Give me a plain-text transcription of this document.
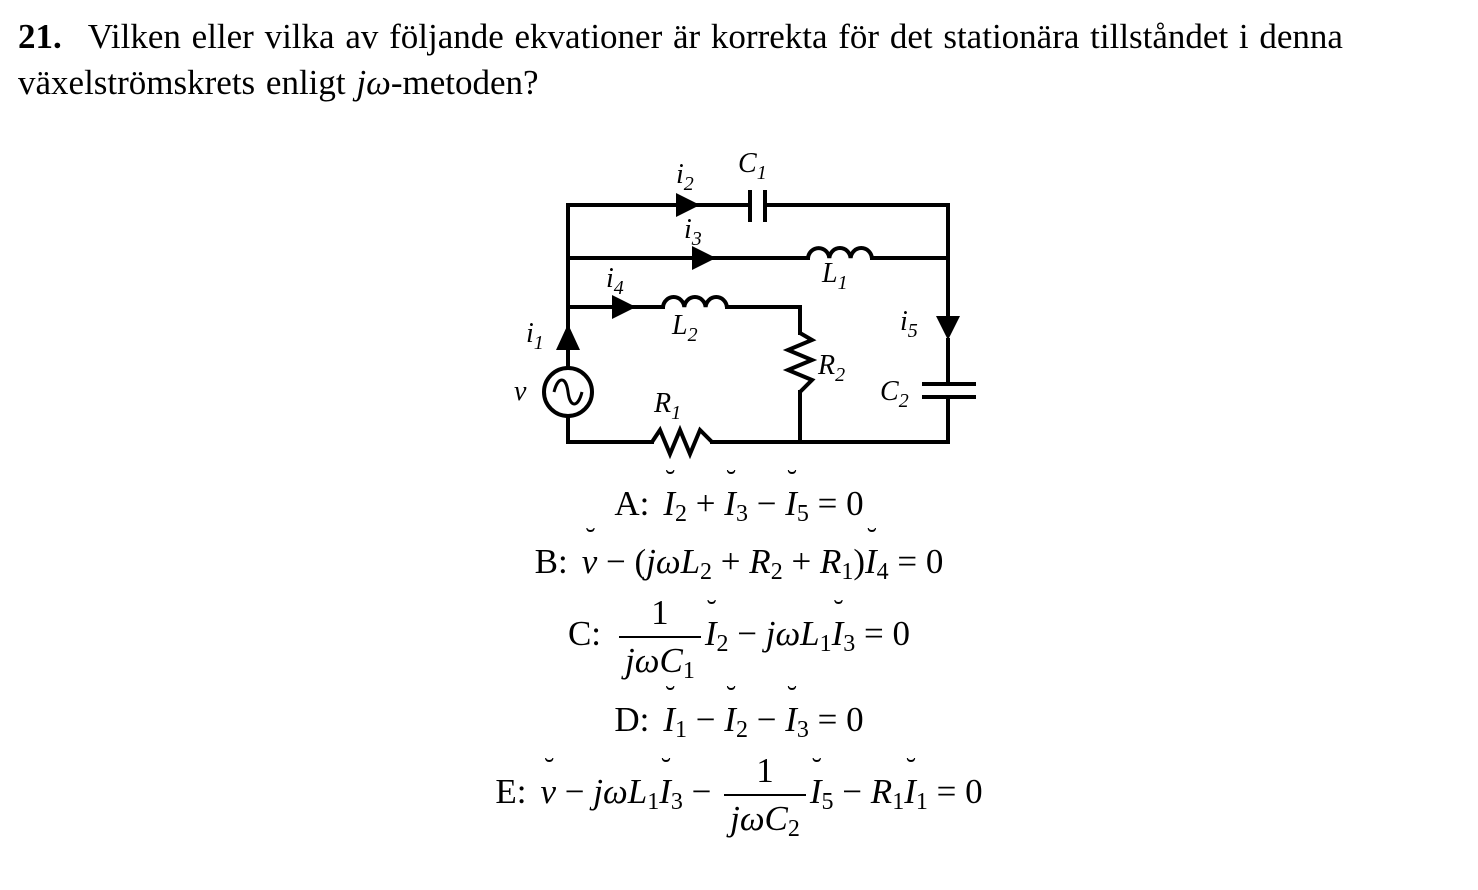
21. Vilken eller vilka av följande ekvationer är korrekta för det stationära tillståndet i denna växelströmskrets enligt jω-metoden?
$i_1$
$i_2$
$i_3$
$i_4$
$i_5$
$C_1$
$C_2$
$L_1$
$L_2$
$R_1$
$R_2$
v
A: ˘ $I_2$ + ˘ $I_3$ − ˘ $I_5 = 0$
B: ˘ $v - (j\omega L_2 + R_2$ + $R_1)˘$ $I_4 = 0$
C: $\frac{1}{j\omega C_1}$ ˘ $I_2$ − jωL$_1$˘ $I_3 = 0$
D: ˘ $I_1$ − ˘ $I_2$ − ˘ $I_3 = 0$
E: ˘ v − jωL$_1$˘ $I_3 - \frac{1}{j\omega C_2}$ ˘ $I_5$ − $R_1˘$ $I_1 = 0$
